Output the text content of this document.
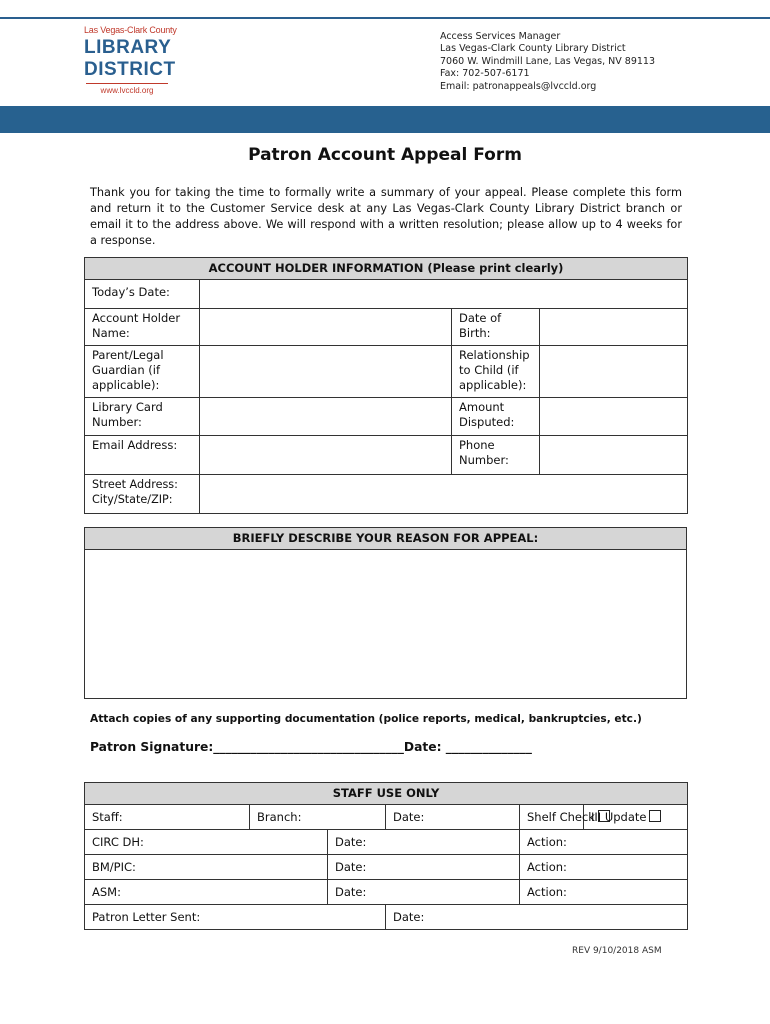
Las Vegas-Clark County
LIBRARY
DISTRICT
www.lvccld.org
Access Services Manager
Las Vegas-Clark County Library District
7060 W. Windmill Lane, Las Vegas, NV 89113
Fax: 702-507-6171
Email: patronappeals@lvccld.org
Patron Account Appeal Form
Thank you for taking the time to formally write a summary of your appeal. Please complete this form and return it to the Customer Service desk at any Las Vegas-Clark County Library District branch or email it to the address above. We will respond with a written resolution; please allow up to 4 weeks for a response.
ACCOUNT HOLDER INFORMATION (Please print clearly)			
Today’s Date:			
Account Holder Name:		Date of Birth:	
Parent/Legal Guardian (if applicable):		Relationship to Child (if applicable):	
Library Card Number:		Amount Disputed:	
Email Address:		Phone Number:	
Street Address: City/State/ZIP:			
BRIEFLY DESCRIBE YOUR REASON FOR APPEAL:

Attach copies of any supporting documentation (police reports, medical, bankruptcies, etc.)
Patron Signature:_______________________________Date: ______________
STAFF USE ONLY					
Staff:	Branch:		Date:	Shelf Check	III Update
CIRC DH:		Date:		Action:	
BM/PIC:		Date:		Action:	
ASM:		Date:		Action:	
Patron Letter Sent:			Date:		
REV 9/10/2018 ASM
